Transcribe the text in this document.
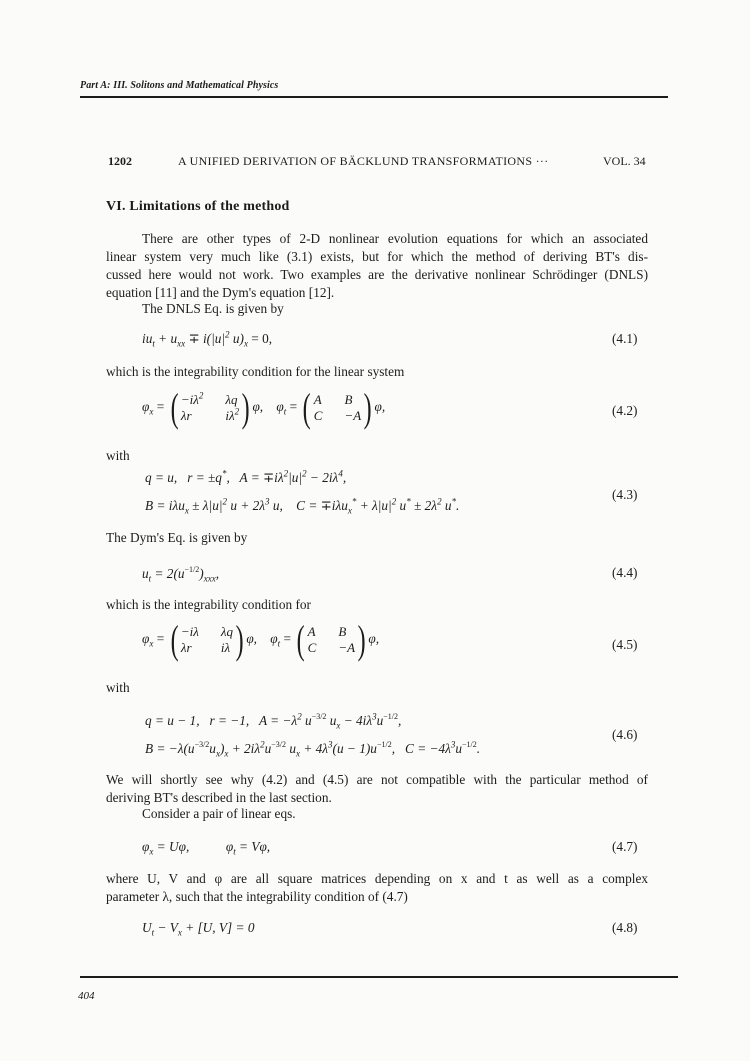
Part A: III. Solitons and Mathematical Physics
1202	A UNIFIED DERIVATION OF BÄCKLUND TRANSFORMATIONS ···	VOL. 34
VI. Limitations of the method
There are other types of 2-D nonlinear evolution equations for which an associated
linear system very much like (3.1) exists, but for which the method of deriving BT's dis-
cussed here would not work. Two examples are the derivative nonlinear Schrödinger (DNLS)
equation [11] and the Dym's equation [12].
The DNLS Eq. is given by
$iu_t + u_{xx} \mp i(|u|^2$ $u)_x = 0$,	(4.1)
which is the integrability condition for the linear system
$\varphi_x$ = ( $-i\lambda^2$ λq
λr	$i\lambda^2$ ) φ,    $\varphi_t$ = ( A B
C −A ) φ,	(4.2)
with
q = u,   r = ±q*,   $A = \mp i\lambda^2|u|^2 - 2i\lambda^4$,
$B = i\lambda u_x \pm \lambda|u|^2$ $u + 2\lambda^3$ u,    $C = \mp i\lambda u_x^* + \lambda|u|^2$ $u^* \pm 2\lambda^2$ u*.
(4.3)
The Dym's Eq. is given by
$u_t = 2(u^{-1/2})_{xxx}$,	(4.4)
which is the integrability condition for
$\varphi_x$ = ( −iλ λq
λr	iλ ) φ,    $\varphi_t$ = ( A B
C −A ) φ,	(4.5)
with
q = u − 1,   r = −1,   $A = -\lambda^2$ $u^{-3/2}$ $u_x - 4i\lambda^3u^{-1/2}$,
$B = -\lambda(u^{-3/2}u_x)_x + 2i\lambda^2u^{-3/2}$ $u_x + 4\lambda^3(u - 1)u^{-1/2}$,   $C = -4\lambda^3u^{-1/2}$.
(4.6)
We will shortly see why (4.2) and (4.5) are not compatible with the particular method of
deriving BT's described in the last section.
Consider a pair of linear eqs.
$\varphi_x = U\varphi$,           $\varphi_t = V\varphi$,	(4.7)
where U, V and φ are all square matrices depending on x and t as well as a complex
parameter λ, such that the integrability condition of (4.7)
$U_t - V_x + [U$, V] = 0	(4.8)
404
